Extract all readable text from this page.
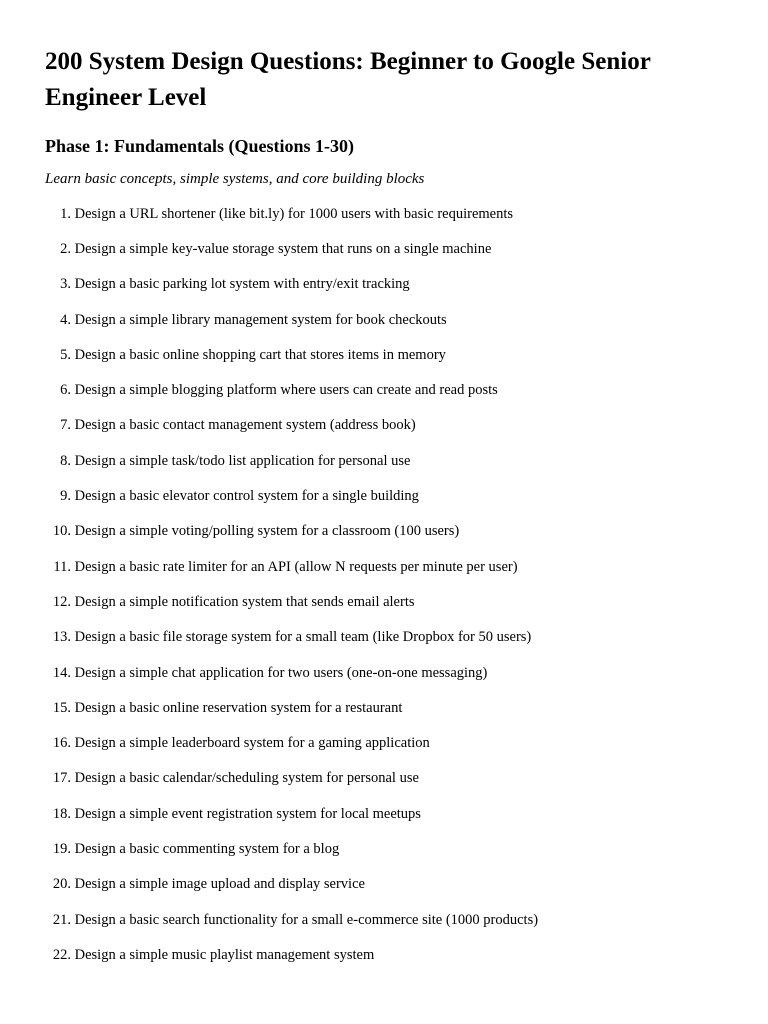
200 System Design Questions: Beginner to Google Senior Engineer Level
Phase 1: Fundamentals (Questions 1-30)

Learn basic concepts, simple systems, and core building blocks

1.
Design a URL shortener (like bit.ly) for 1000 users with basic requirements
2.
Design a simple key-value storage system that runs on a single machine
3.
Design a basic parking lot system with entry/exit tracking
4.
Design a simple library management system for book checkouts
5.
Design a basic online shopping cart that stores items in memory
6.
Design a simple blogging platform where users can create and read posts
7.
Design a basic contact management system (address book)
8.
Design a simple task/todo list application for personal use
9.
Design a basic elevator control system for a single building
10.
Design a simple voting/polling system for a classroom (100 users)
11.
Design a basic rate limiter for an API (allow N requests per minute per user)
12.
Design a simple notification system that sends email alerts
13.
Design a basic file storage system for a small team (like Dropbox for 50 users)
14.
Design a simple chat application for two users (one-on-one messaging)
15.
Design a basic online reservation system for a restaurant
16.
Design a simple leaderboard system for a gaming application
17.
Design a basic calendar/scheduling system for personal use
18.
Design a simple event registration system for local meetups
19.
Design a basic commenting system for a blog
20.
Design a simple image upload and display service
21.
Design a basic search functionality for a small e-commerce site (1000 products)
22.
Design a simple music playlist management system
